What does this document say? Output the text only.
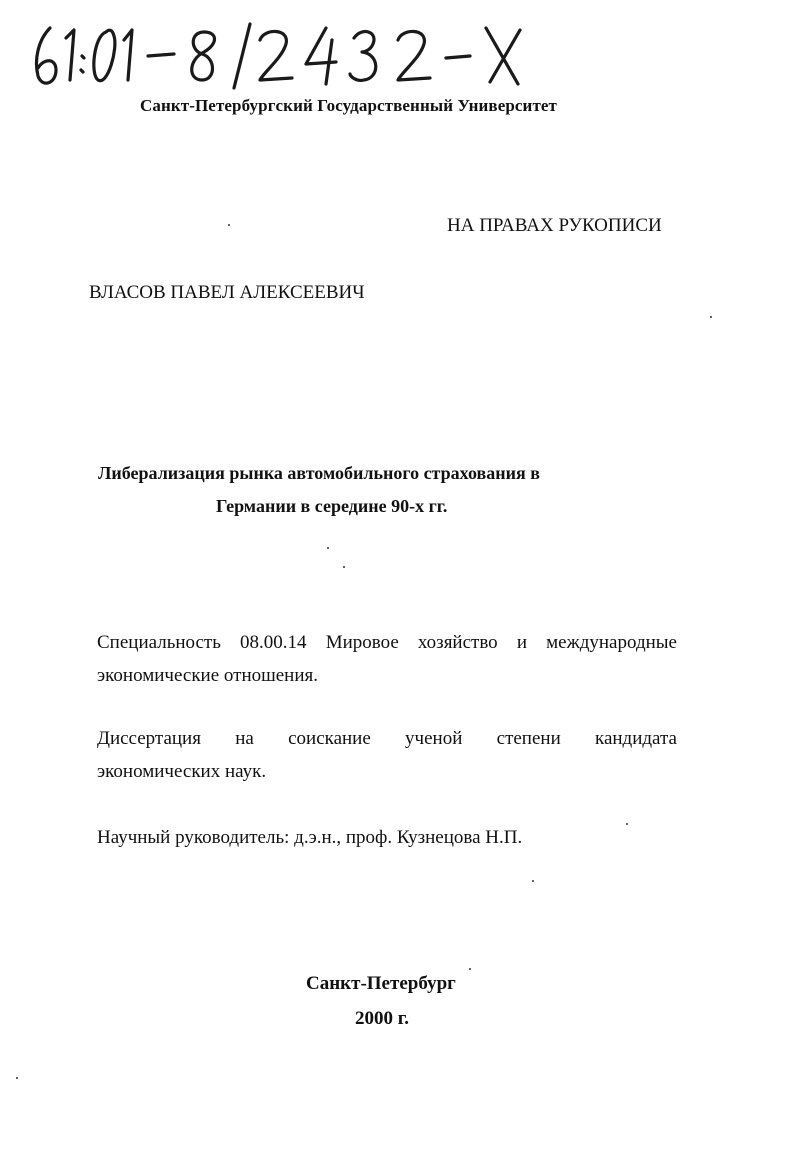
Санкт-Петербургский Государственный Университет
НА ПРАВАХ РУКОПИСИ
ВЛАСОВ ПАВЕЛ АЛЕКСЕЕВИЧ
Либерализация рынка автомобильного страхования в
Германии в середине 90-х гг.
Специальность 08.00.14 Мировое хозяйство и международные
экономические отношения.
Диссертация на соискание ученой степени кандидата
экономических наук.
Научный руководитель: д.э.н., проф. Кузнецова Н.П.
Санкт-Петербург
2000 г.
